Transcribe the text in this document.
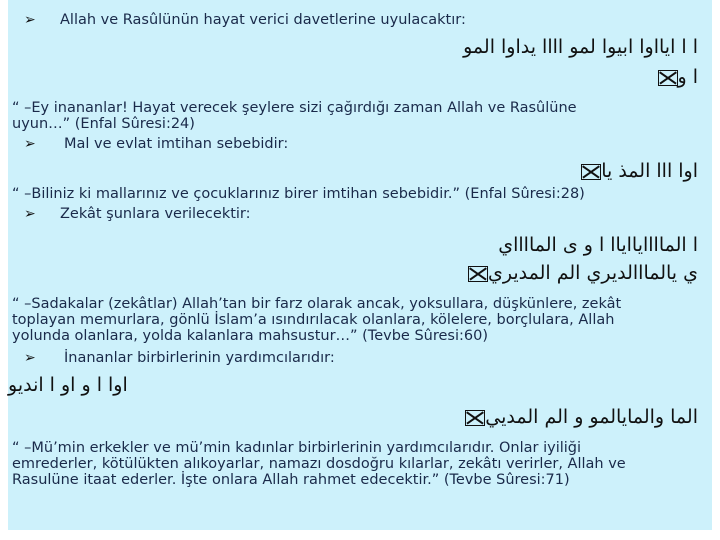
➢	Allah ve Rasûlünün hayat verici davetlerine uyulacaktır:
ا ا ايااوا ابيوا لمو اااا يداوا المو
ا و
“ –Ey inananlar! Hayat verecek şeylere sizi çağırdığı zaman Allah ve Rasûlüne
uyun…” (Enfal Sûresi:24)
➢	Mal ve evlat imtihan sebebidir:
اوا ااا المذ يا
“ –Biliniz ki mallarınız ve çocuklarınız birer imtihan sebebidir.” (Enfal Sûresi:28)
➢	Zekât şunlara verilecektir:
ا الماااايااياا ا و ى المااااي
ي يالمااالديري الم المديري
“ –Sadakalar (zekâtlar) Allah’tan bir farz olarak ancak, yoksullara, düşkünlere, zekât
toplayan memurlara, gönlü İslam’a ısındırılacak olanlara, kölelere, borçlulara, Allah
yolunda olanlara, yolda kalanlara mahsustur…” (Tevbe Sûresi:60)
➢	İnananlar birbirlerinin yardımcılarıdır:
اوا ا و او ا انديو
الما والمايالمو و الم المديي
“ –Mü’min erkekler ve mü’min kadınlar birbirlerinin yardımcılarıdır. Onlar iyiliği
emrederler, kötülükten alıkoyarlar, namazı dosdoğru kılarlar, zekâtı verirler, Allah ve
Rasulüne itaat ederler. İşte onlara Allah rahmet edecektir.” (Tevbe Sûresi:71)
